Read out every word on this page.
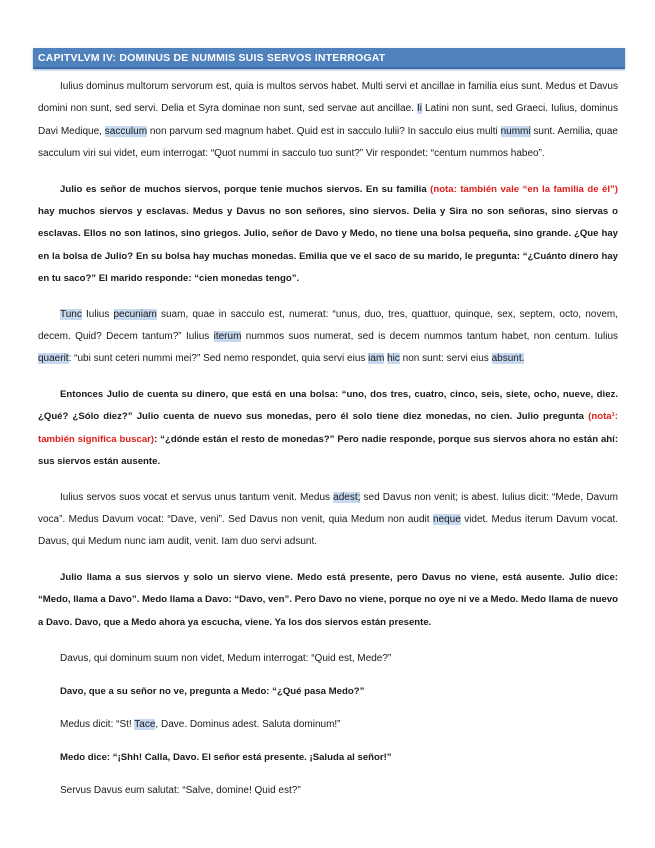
CAPITVLVM IV: DOMINUS DE NUMMIS SUIS SERVOS INTERROGAT

Iulius dominus multorum servorum est, quia is multos servos habet. Multi servi et ancillae in familia eius sunt. Medus et Davus domini non sunt, sed servi. Delia et Syra dominae non sunt, sed servae aut ancillae. Ii Latini non sunt, sed Graeci. Iulius, dominus Davi Medique, sacculum non parvum sed magnum habet. Quid est in sacculo Iulii? In sacculo eius multi nummi sunt. Aemilia, quae sacculum viri sui videt, eum interrogat: “Quot nummi in sacculo tuo sunt?” Vir respondet: “centum nummos habeo”.

Julio es señor de muchos siervos, porque tenie muchos siervos. En su familia (nota: también vale “en la familia de él”) hay muchos siervos y esclavas. Medus y Davus no son señores, sino siervos. Delia y Sira no son señoras, sino siervas o esclavas. Ellos no son latinos, sino griegos. Julio, señor de Davo y Medo, no tiene una bolsa pequeña, sino grande. ¿Que hay en la bolsa de Julio? En su bolsa hay muchas monedas. Emilia que ve el saco de su marido, le pregunta: “¿Cuánto dinero hay en tu saco?” El marido responde: “cien monedas tengo”.

Tunc Iulius pecuniam suam, quae in sacculo est, numerat: “unus, duo, tres, quattuor, quinque, sex, septem, octo, novem, decem. Quid? Decem tantum?” Iulius iterum nummos suos numerat, sed is decem nummos tantum habet, non centum. Iulius quaerit: “ubi sunt ceteri nummi mei?” Sed nemo respondet, quia servi eius iam hic non sunt: servi eius absunt.

Entonces Julio de cuenta su dinero, que está en una bolsa: “uno, dos tres, cuatro, cinco, seis, siete, ocho, nueve, diez. ¿Qué? ¿Sólo diez?” Julio cuenta de nuevo sus monedas, pero él solo tiene diez monedas, no cien. Julio pregunta (nota¹: también significa buscar): “¿dónde están el resto de monedas?” Pero nadie responde, porque sus siervos ahora no están ahí: sus siervos están ausente.

Iulius servos suos vocat et servus unus tantum venit. Medus adest; sed Davus non venit; is abest. Iulius dicit: “Mede, Davum voca”. Medus Davum vocat: “Dave, veni”. Sed Davus non venit, quia Medum non audit neque videt. Medus iterum Davum vocat. Davus, qui Medum nunc iam audit, venit. Iam duo servi adsunt.

Julio llama a sus siervos y solo un siervo viene. Medo está presente, pero Davus no viene, está ausente. Julio dice: “Medo, llama a Davo”. Medo llama a Davo: “Davo, ven”. Pero Davo no viene, porque no oye ni ve a Medo. Medo llama de nuevo a Davo. Davo, que a Medo ahora ya escucha, viene. Ya los dos siervos están presente.

Davus, qui dominum suum non videt, Medum interrogat: “Quid est, Mede?”

Davo, que a su señor no ve, pregunta a Medo: “¿Qué pasa Medo?”

Medus dicit: “St! Tace, Dave. Dominus adest. Saluta dominum!”

Medo dice: “¡Shh! Calla, Davo. El señor está presente. ¡Saluda al señor!”

Servus Davus eum salutat: “Salve, domine! Quid est?”
